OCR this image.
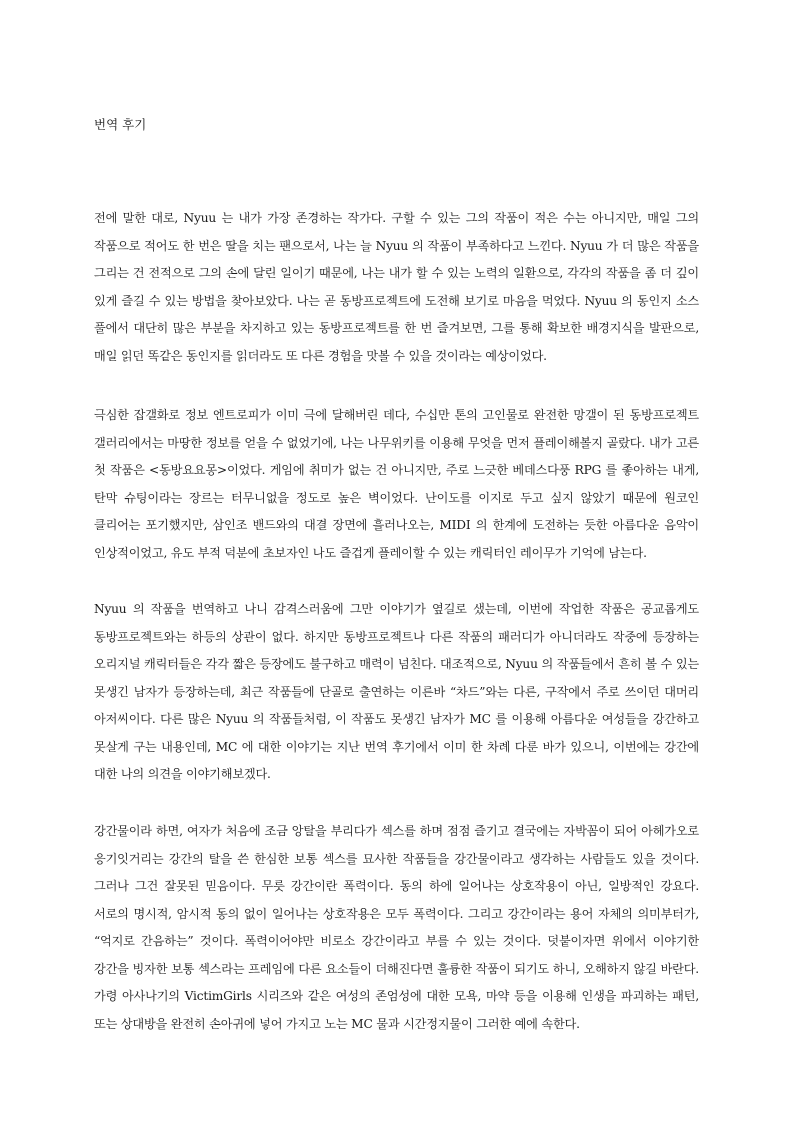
번역 후기

전에 말한 대로, Nyuu 는 내가 가장 존경하는 작가다. 구할 수 있는 그의 작품이 적은 수는 아니지만, 매일 그의 작품으로 적어도 한 번은 딸을 치는 팬으로서, 나는 늘 Nyuu 의 작품이 부족하다고 느낀다. Nyuu 가 더 많은 작품을 그리는 건 전적으로 그의 손에 달린 일이기 때문에, 나는 내가 할 수 있는 노력의 일환으로, 각각의 작품을 좀 더 깊이 있게 즐길 수 있는 방법을 찾아보았다. 나는 곧 동방프로젝트에 도전해 보기로 마음을 먹었다. Nyuu 의 동인지 소스 풀에서 대단히 많은 부분을 차지하고 있는 동방프로젝트를 한 번 즐겨보면, 그를 통해 확보한 배경지식을 발판으로, 매일 읽던 똑같은 동인지를 읽더라도 또 다른 경험을 맛볼 수 있을 것이라는 예상이었다.

극심한 잡갤화로 정보 엔트로피가 이미 극에 달해버린 데다, 수십만 톤의 고인물로 완전한 망갤이 된 동방프로젝트 갤러리에서는 마땅한 정보를 얻을 수 없었기에, 나는 나무위키를 이용해 무엇을 먼저 플레이해볼지 골랐다. 내가 고른 첫 작품은 <동방요요몽>이었다. 게임에 취미가 없는 건 아니지만, 주로 느긋한 베데스다풍 RPG 를 좋아하는 내게, 탄막 슈팅이라는 장르는 터무니없을 정도로 높은 벽이었다. 난이도를 이지로 두고 싶지 않았기 때문에 원코인 클리어는 포기했지만, 삼인조 밴드와의 대결 장면에 흘러나오는, MIDI 의 한계에 도전하는 듯한 아름다운 음악이 인상적이었고, 유도 부적 덕분에 초보자인 나도 즐겁게 플레이할 수 있는 캐릭터인 레이무가 기억에 남는다.

Nyuu 의 작품을 번역하고 나니 감격스러움에 그만 이야기가 옆길로 샜는데, 이번에 작업한 작품은 공교롭게도 동방프로젝트와는 하등의 상관이 없다. 하지만 동방프로젝트나 다른 작품의 패러디가 아니더라도 작중에 등장하는 오리지널 캐릭터들은 각각 짧은 등장에도 불구하고 매력이 넘친다. 대조적으로, Nyuu 의 작품들에서 흔히 볼 수 있는 못생긴 남자가 등장하는데, 최근 작품들에 단골로 출연하는 이른바 “차드”와는 다른, 구작에서 주로 쓰이던 대머리 아저씨이다. 다른 많은 Nyuu 의 작품들처럼, 이 작품도 못생긴 남자가 MC 를 이용해 아름다운 여성들을 강간하고 못살게 구는 내용인데, MC 에 대한 이야기는 지난 번역 후기에서 이미 한 차례 다룬 바가 있으니, 이번에는 강간에 대한 나의 의견을 이야기해보겠다.

강간물이라 하면, 여자가 처음에 조금 앙탈을 부리다가 섹스를 하며 점점 즐기고 결국에는 자박꼼이 되어 아헤가오로 응기잇거리는 강간의 탈을 쓴 한심한 보통 섹스를 묘사한 작품들을 강간물이라고 생각하는 사람들도 있을 것이다. 그러나 그건 잘못된 믿음이다. 무릇 강간이란 폭력이다. 동의 하에 일어나는 상호작용이 아닌, 일방적인 강요다. 서로의 명시적, 암시적 동의 없이 일어나는 상호작용은 모두 폭력이다. 그리고 강간이라는 용어 자체의 의미부터가, “억지로 간음하는” 것이다. 폭력이어야만 비로소 강간이라고 부를 수 있는 것이다. 덧붙이자면 위에서 이야기한 강간을 빙자한 보통 섹스라는 프레임에 다른 요소들이 더해진다면 훌륭한 작품이 되기도 하니, 오해하지 않길 바란다. 가령 아사나기의 VictimGirls 시리즈와 같은 여성의 존엄성에 대한 모욕, 마약 등을 이용해 인생을 파괴하는 패턴, 또는 상대방을 완전히 손아귀에 넣어 가지고 노는 MC 물과 시간정지물이 그러한 예에 속한다.
